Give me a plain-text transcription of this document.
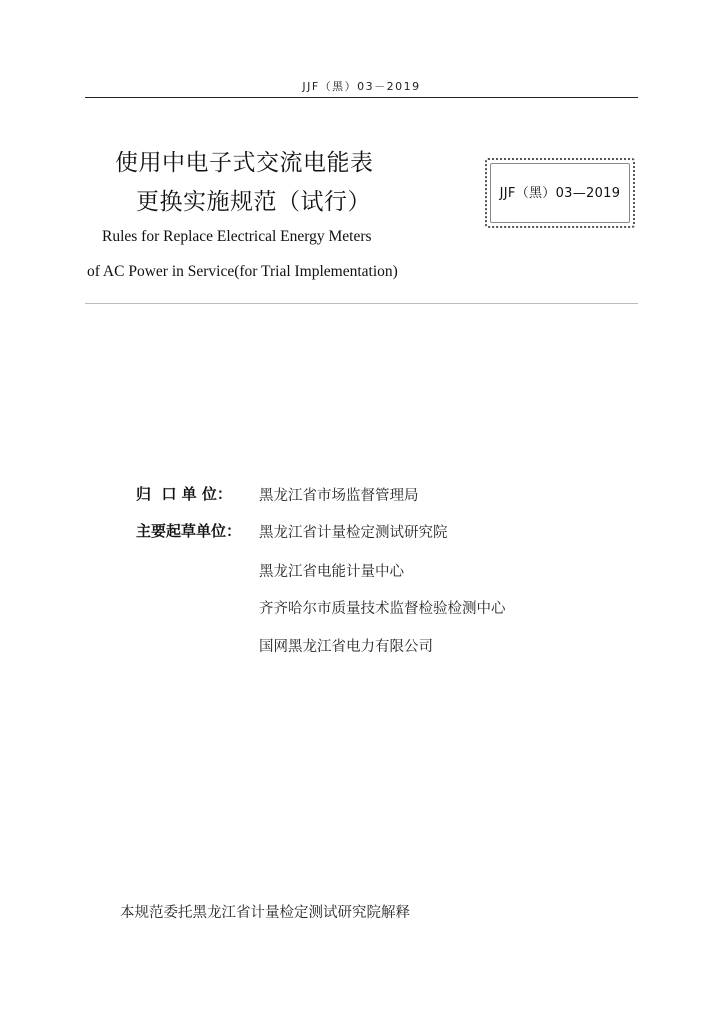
JJF（黑）03－2019
使用中电子式交流电能表
更换实施规范（试行）	JJF（黑）03—2019
Rules for Replace Electrical Energy Meters
of AC Power in Service(for Trial Implementation)
归  口 单 位： 黑龙江省市场监督管理局
主要起草单位： 黑龙江省计量检定测试研究院
黑龙江省电能计量中心
齐齐哈尔市质量技术监督检验检测中心
国网黑龙江省电力有限公司
本规范委托黑龙江省计量检定测试研究院解释
